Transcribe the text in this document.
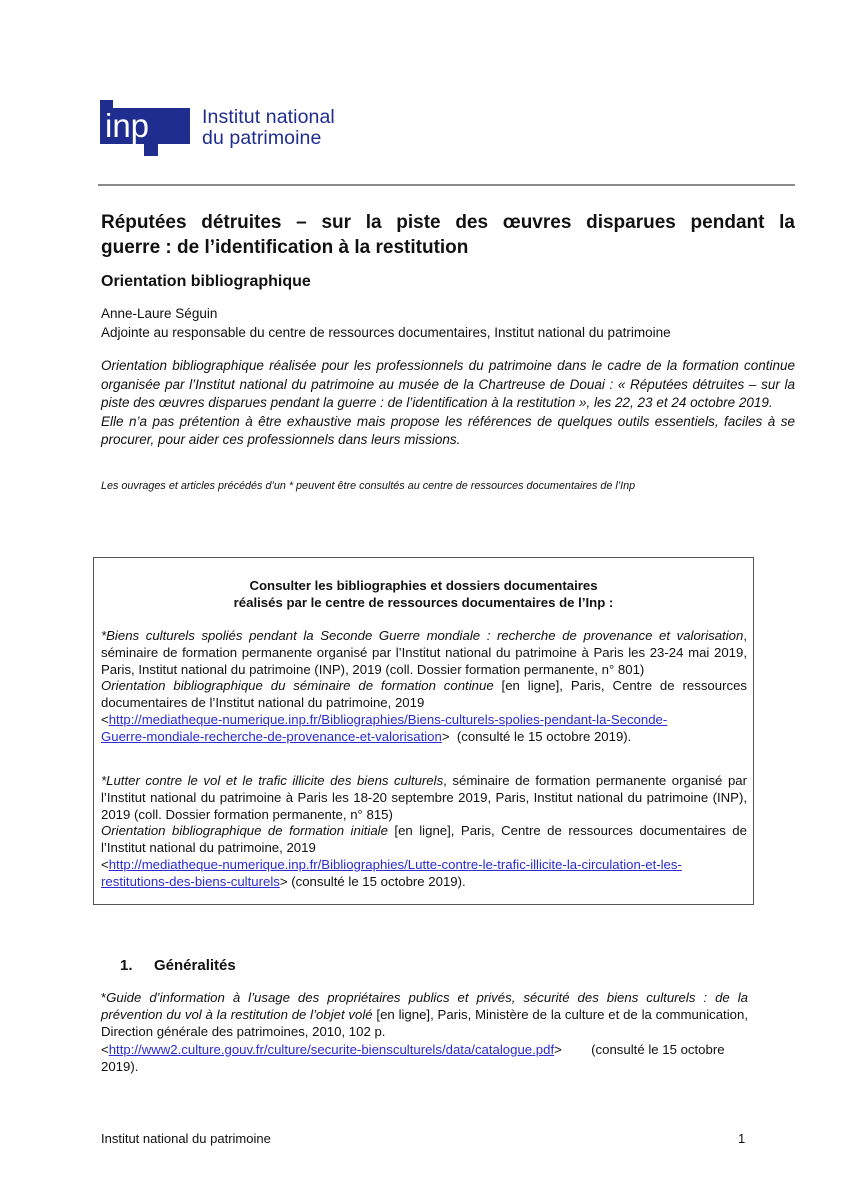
inp	Institut national
du patrimoine
Réputées détruites – sur la piste des œuvres disparues pendant la
guerre : de l’identification à la restitution
Orientation bibliographique
Anne-Laure Séguin
Adjointe au responsable du centre de ressources documentaires, Institut national du patrimoine

Orientation bibliographique réalisée pour les professionnels du patrimoine dans le cadre de la formation continue organisée par l’Institut national du patrimoine au musée de la Chartreuse de Douai : « Réputées détruites – sur la piste des œuvres disparues pendant la guerre : de l’identification à la restitution », les 22, 23 et 24 octobre 2019.

Elle n’a pas prétention à être exhaustive mais propose les références de quelques outils essentiels, faciles à se procurer, pour aider ces professionnels dans leurs missions.

Les ouvrages et articles précédés d’un * peuvent être consultés au centre de ressources documentaires de l’Inp
Consulter les bibliographies et dossiers documentaires
réalisés par le centre de ressources documentaires de l’Inp :

*Biens culturels spoliés pendant la Seconde Guerre mondiale : recherche de provenance et valorisation, séminaire de formation permanente organisé par l’Institut national du patrimoine à Paris les 23-24 mai 2019, Paris, Institut national du patrimoine (INP), 2019 (coll. Dossier formation permanente, n° 801)

Orientation bibliographique du séminaire de formation continue [en ligne], Paris, Centre de ressources documentaires de l’Institut national du patrimoine, 2019

<http://mediatheque-numerique.inp.fr/Bibliographies/Biens-culturels-spolies-pendant-la-Seconde-
Guerre-mondiale-recherche-de-provenance-et-valorisation>  (consulté le 15 octobre 2019).

*Lutter contre le vol et le trafic illicite des biens culturels, séminaire de formation permanente organisé par l’Institut national du patrimoine à Paris les 18-20 septembre 2019, Paris, Institut national du patrimoine (INP), 2019 (coll. Dossier formation permanente, n° 815)

Orientation bibliographique de formation initiale [en ligne], Paris, Centre de ressources documentaires de l’Institut national du patrimoine, 2019

<http://mediatheque-numerique.inp.fr/Bibliographies/Lutte-contre-le-trafic-illicite-la-circulation-et-les-
restitutions-des-biens-culturels> (consulté le 15 octobre 2019).

1. Généralités

*Guide d’information à l’usage des propriétaires publics et privés, sécurité des biens culturels : de la prévention du vol à la restitution de l’objet volé [en ligne], Paris, Ministère de la culture et de la communication, Direction générale des patrimoines, 2010, 102 p.

<http://www2.culture.gouv.fr/culture/securite-biensculturels/data/catalogue.pdf>        (consulté le 15 octobre 2019).

Institut national du patrimoine	1
